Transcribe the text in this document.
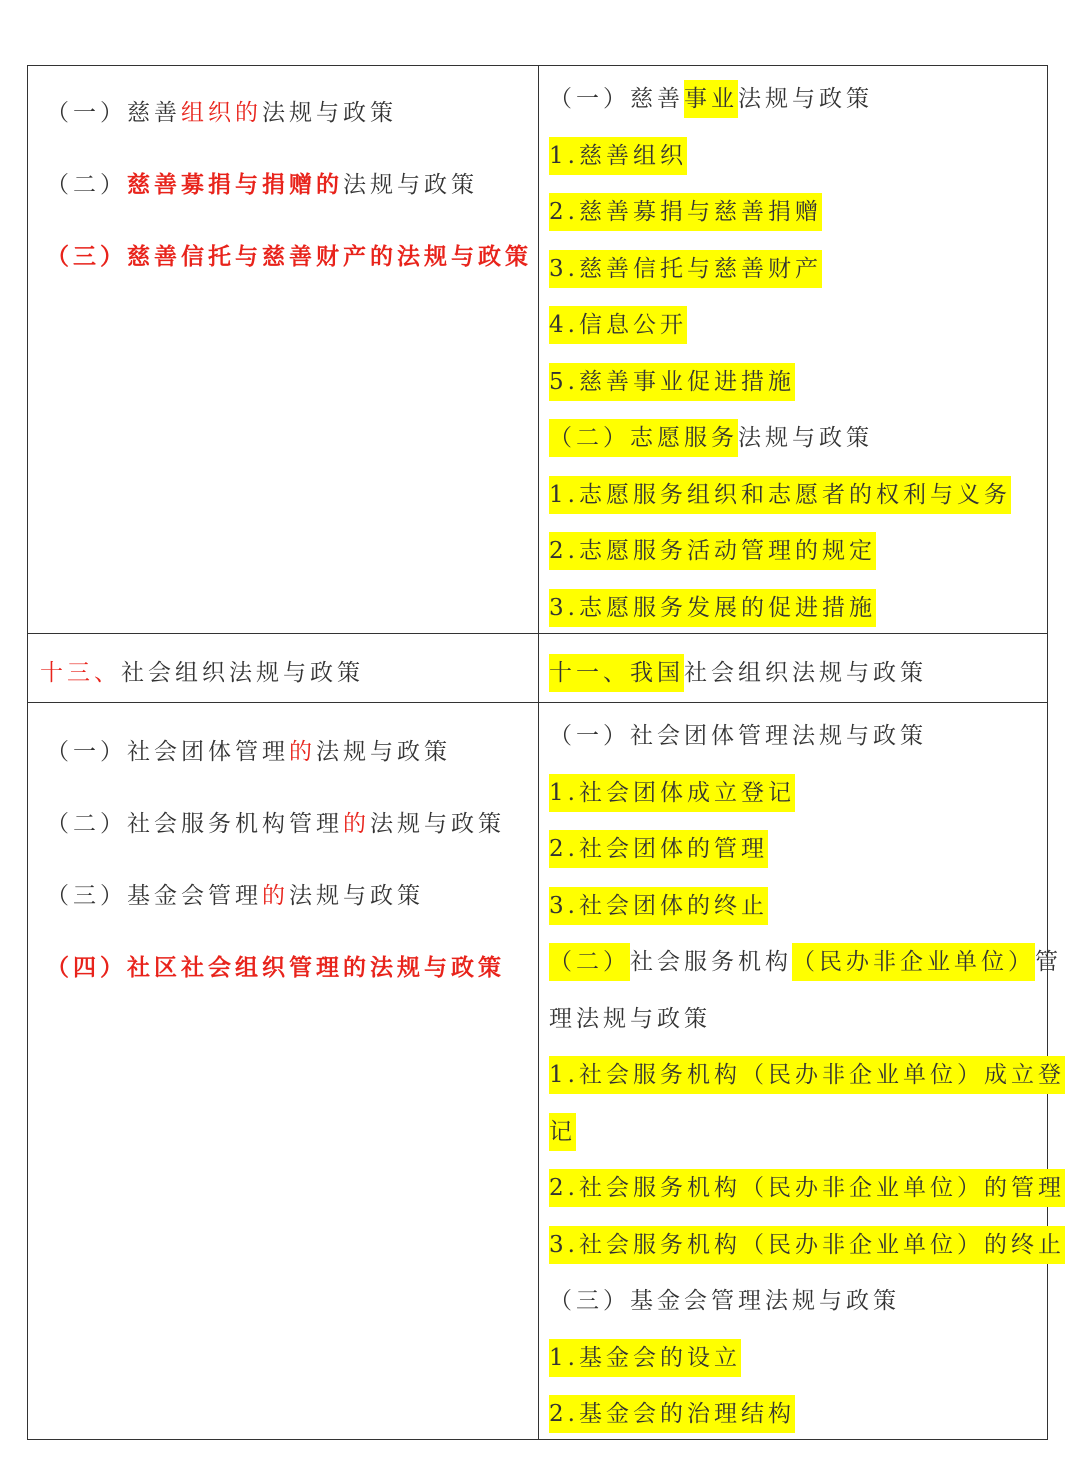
（一）慈善组织的法规与政策
（二）慈善募捐与捐赠的法规与政策
（三）慈善信托与慈善财产的法规与政策
（一）慈善事业法规与政策
1.慈善组织
2.慈善募捐与慈善捐赠
3.慈善信托与慈善财产
4.信息公开
5.慈善事业促进措施
（二）志愿服务法规与政策
1.志愿服务组织和志愿者的权利与义务
2.志愿服务活动管理的规定
3.志愿服务发展的促进措施
十三、社会组织法规与政策	十一、我国社会组织法规与政策
（一）社会团体管理的法规与政策
（二）社会服务机构管理的法规与政策
（三）基金会管理的法规与政策
（四）社区社会组织管理的法规与政策
（一）社会团体管理法规与政策
1.社会团体成立登记
2.社会团体的管理
3.社会团体的终止
（二）社会服务机构（民办非企业单位）管
理法规与政策
1.社会服务机构（民办非企业单位）成立登
记
2.社会服务机构（民办非企业单位）的管理
3.社会服务机构（民办非企业单位）的终止
（三）基金会管理法规与政策
1.基金会的设立
2.基金会的治理结构
